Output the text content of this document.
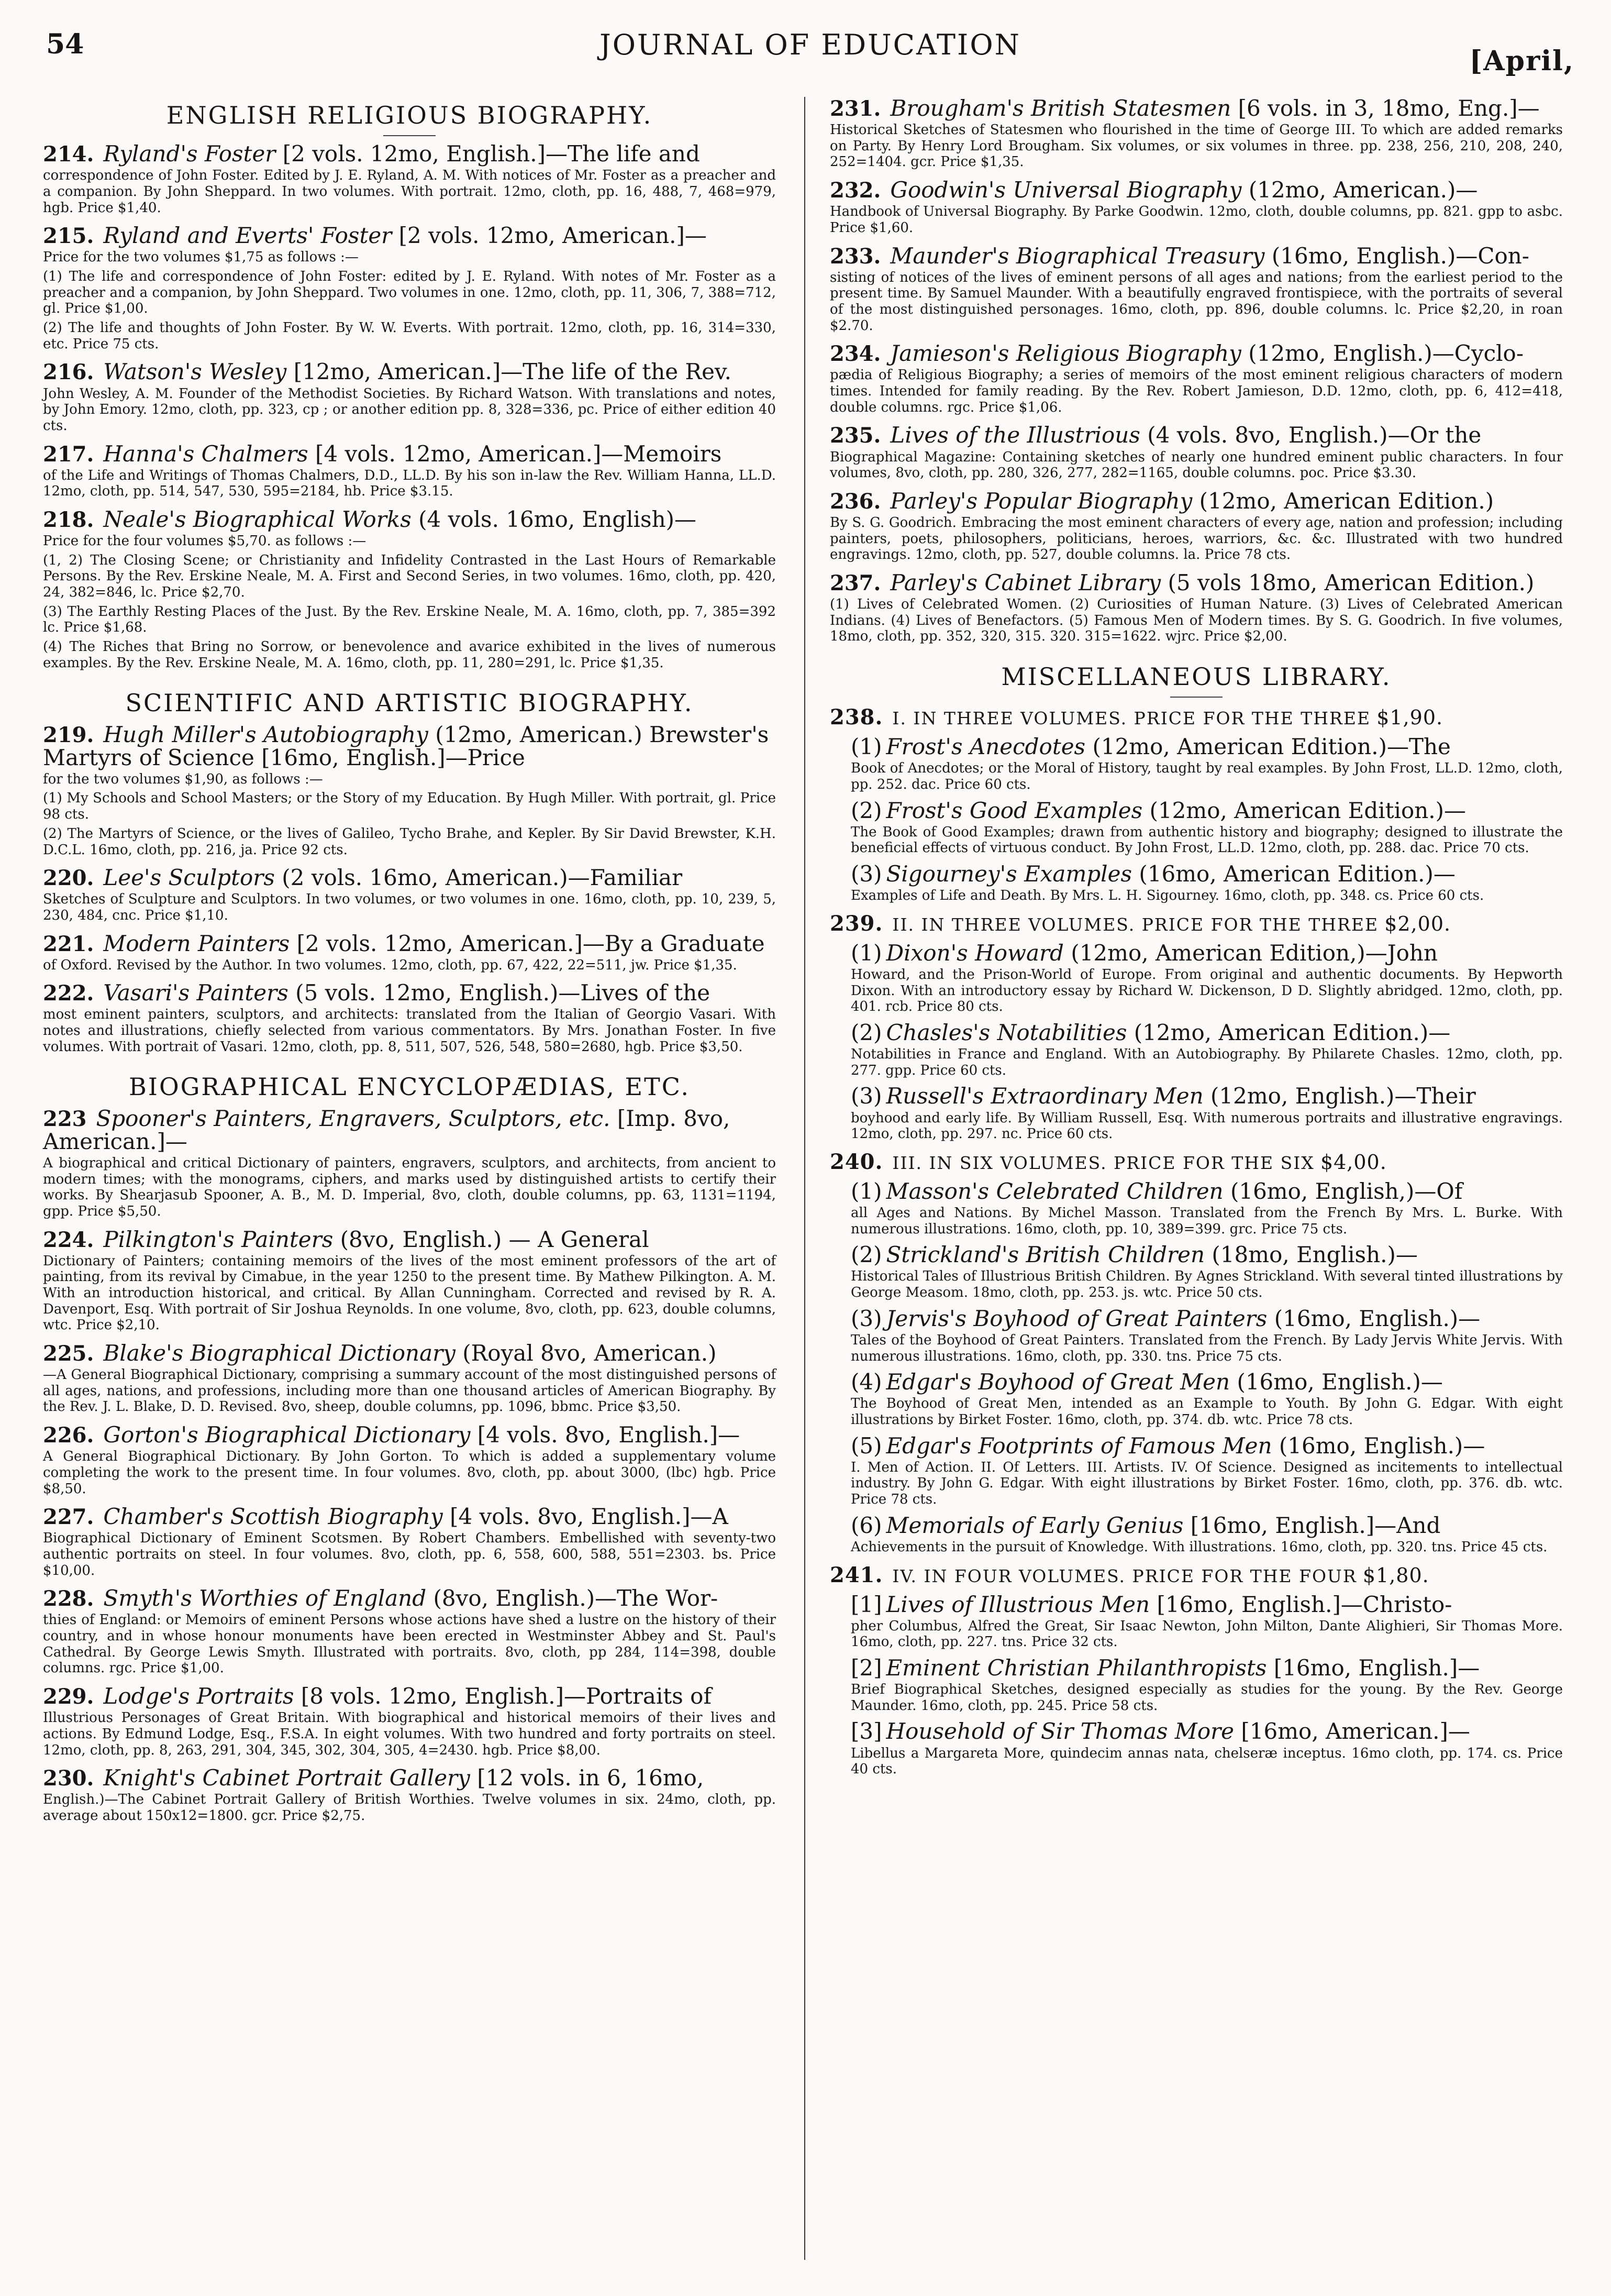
54	JOURNAL OF EDUCATION	[April,
ENGLISH RELIGIOUS BIOGRAPHY.
214. Ryland's Foster [2 vols. 12mo, English.]—The life and
correspondence of John Foster. Edited by J. E. Ryland, A. M. With notices of Mr. Foster as a preacher and a companion. By John Sheppard. In two volumes. With portrait. 12mo, cloth, pp. 16, 488, 7, 468=979, hgb. Price $1,40.
215. Ryland and Everts' Foster [2 vols. 12mo, American.]—
Price for the two volumes $1,75 as follows :—
(1) The life and correspondence of John Foster: edited by J. E. Ryland. With notes of Mr. Foster as a preacher and a companion, by John Sheppard. Two volumes in one. 12mo, cloth, pp. 11, 306, 7, 388=712, gl. Price $1,00.
(2) The life and thoughts of John Foster. By W. W. Everts. With portrait. 12mo, cloth, pp. 16, 314=330, etc. Price 75 cts.
216. Watson's Wesley [12mo, American.]—The life of the Rev.
John Wesley, A. M. Founder of the Methodist Societies. By Richard Watson. With translations and notes, by John Emory. 12mo, cloth, pp. 323, cp ; or another edition pp. 8, 328=336, pc. Price of either edition 40 cts.
217. Hanna's Chalmers [4 vols. 12mo, American.]—Memoirs
of the Life and Writings of Thomas Chalmers, D.D., LL.D. By his son in-law the Rev. William Hanna, LL.D. 12mo, cloth, pp. 514, 547, 530, 595=2184, hb. Price $3.15.
218. Neale's Biographical Works (4 vols. 16mo, English)—
Price for the four volumes $5,70. as follows :—
(1, 2) The Closing Scene; or Christianity and Infidelity Contrasted in the Last Hours of Remarkable Persons. By the Rev. Erskine Neale, M. A. First and Second Series, in two volumes. 16mo, cloth, pp. 420, 24, 382=846, lc. Price $2,70.
(3) The Earthly Resting Places of the Just. By the Rev. Erskine Neale, M. A. 16mo, cloth, pp. 7, 385=392 lc. Price $1,68.
(4) The Riches that Bring no Sorrow, or benevolence and avarice exhibited in the lives of numerous examples. By the Rev. Erskine Neale, M. A. 16mo, cloth, pp. 11, 280=291, lc. Price $1,35.
SCIENTIFIC AND ARTISTIC BIOGRAPHY.
219. Hugh Miller's Autobiography (12mo, American.) Brewster's Martyrs of Science [16mo, English.]—Price
for the two volumes $1,90, as follows :—
(1) My Schools and School Masters; or the Story of my Education. By Hugh Miller. With portrait, gl. Price 98 cts.
(2) The Martyrs of Science, or the lives of Galileo, Tycho Brahe, and Kepler. By Sir David Brewster, K.H. D.C.L. 16mo, cloth, pp. 216, ja. Price 92 cts.
220. Lee's Sculptors (2 vols. 16mo, American.)—Familiar
Sketches of Sculpture and Sculptors. In two volumes, or two volumes in one. 16mo, cloth, pp. 10, 239, 5, 230, 484, cnc. Price $1,10.
221. Modern Painters [2 vols. 12mo, American.]—By a Graduate
of Oxford. Revised by the Author. In two volumes. 12mo, cloth, pp. 67, 422, 22=511, jw. Price $1,35.
222. Vasari's Painters (5 vols. 12mo, English.)—Lives of the
most eminent painters, sculptors, and architects: translated from the Italian of Georgio Vasari. With notes and illustrations, chiefly selected from various commentators. By Mrs. Jonathan Foster. In five volumes. With portrait of Vasari. 12mo, cloth, pp. 8, 511, 507, 526, 548, 580=2680, hgb. Price $3,50.
BIOGRAPHICAL ENCYCLOPÆDIAS, ETC.
223 Spooner's Painters, Engravers, Sculptors, etc. [Imp. 8vo, American.]—
A biographical and critical Dictionary of painters, engravers, sculptors, and architects, from ancient to modern times; with the monograms, ciphers, and marks used by distinguished artists to certify their works. By Shearjasub Spooner, A. B., M. D. Imperial, 8vo, cloth, double columns, pp. 63, 1131=1194, gpp. Price $5,50.
224. Pilkington's Painters (8vo, English.) — A General
Dictionary of Painters; containing memoirs of the lives of the most eminent professors of the art of painting, from its revival by Cimabue, in the year 1250 to the present time. By Mathew Pilkington. A. M. With an introduction historical, and critical. By Allan Cunningham. Corrected and revised by R. A. Davenport, Esq. With portrait of Sir Joshua Reynolds. In one volume, 8vo, cloth, pp. 623, double columns, wtc. Price $2,10.
225. Blake's Biographical Dictionary (Royal 8vo, American.)
—A General Biographical Dictionary, comprising a summary account of the most distinguished persons of all ages, nations, and professions, including more than one thousand articles of American Biography. By the Rev. J. L. Blake, D. D. Revised. 8vo, sheep, double columns, pp. 1096, bbmc. Price $3,50.
226. Gorton's Biographical Dictionary [4 vols. 8vo, English.]—
A General Biographical Dictionary. By John Gorton. To which is added a supplementary volume completing the work to the present time. In four volumes. 8vo, cloth, pp. about 3000, (lbc) hgb. Price $8,50.
227. Chamber's Scottish Biography [4 vols. 8vo, English.]—A
Biographical Dictionary of Eminent Scotsmen. By Robert Chambers. Embellished with seventy-two authentic portraits on steel. In four volumes. 8vo, cloth, pp. 6, 558, 600, 588, 551=2303. bs. Price $10,00.
228. Smyth's Worthies of England (8vo, English.)—The Wor-
thies of England: or Memoirs of eminent Persons whose actions have shed a lustre on the history of their country, and in whose honour monuments have been erected in Westminster Abbey and St. Paul's Cathedral. By George Lewis Smyth. Illustrated with portraits. 8vo, cloth, pp 284, 114=398, double columns. rgc. Price $1,00.
229. Lodge's Portraits [8 vols. 12mo, English.]—Portraits of
Illustrious Personages of Great Britain. With biographical and historical memoirs of their lives and actions. By Edmund Lodge, Esq., F.S.A. In eight volumes. With two hundred and forty portraits on steel. 12mo, cloth, pp. 8, 263, 291, 304, 345, 302, 304, 305, 4=2430. hgb. Price $8,00.
230. Knight's Cabinet Portrait Gallery [12 vols. in 6, 16mo,
English.)—The Cabinet Portrait Gallery of British Worthies. Twelve volumes in six. 24mo, cloth, pp. average about 150x12=1800. gcr. Price $2,75.
231. Brougham's British Statesmen [6 vols. in 3, 18mo, Eng.]—
Historical Sketches of Statesmen who flourished in the time of George III. To which are added remarks on Party. By Henry Lord Brougham. Six volumes, or six volumes in three. pp. 238, 256, 210, 208, 240, 252=1404. gcr. Price $1,35.
232. Goodwin's Universal Biography (12mo, American.)—
Handbook of Universal Biography. By Parke Goodwin. 12mo, cloth, double columns, pp. 821. gpp to asbc. Price $1,60.
233. Maunder's Biographical Treasury (16mo, English.)—Con-
sisting of notices of the lives of eminent persons of all ages and nations; from the earliest period to the present time. By Samuel Maunder. With a beautifully engraved frontispiece, with the portraits of several of the most distinguished personages. 16mo, cloth, pp. 896, double columns. lc. Price $2,20, in roan $2.70.
234. Jamieson's Religious Biography (12mo, English.)—Cyclo-
pædia of Religious Biography; a series of memoirs of the most eminent religious characters of modern times. Intended for family reading. By the Rev. Robert Jamieson, D.D. 12mo, cloth, pp. 6, 412=418, double columns. rgc. Price $1,06.
235. Lives of the Illustrious (4 vols. 8vo, English.)—Or the
Biographical Magazine: Containing sketches of nearly one hundred eminent public characters. In four volumes, 8vo, cloth, pp. 280, 326, 277, 282=1165, double columns. poc. Price $3.30.
236. Parley's Popular Biography (12mo, American Edition.)
By S. G. Goodrich. Embracing the most eminent characters of every age, nation and profession; including painters, poets, philosophers, politicians, heroes, warriors, &c. &c. Illustrated with two hundred engravings. 12mo, cloth, pp. 527, double columns. la. Price 78 cts.
237. Parley's Cabinet Library (5 vols 18mo, American Edition.)
(1) Lives of Celebrated Women. (2) Curiosities of Human Nature. (3) Lives of Celebrated American Indians. (4) Lives of Benefactors. (5) Famous Men of Modern times. By S. G. Goodrich. In five volumes, 18mo, cloth, pp. 352, 320, 315. 320. 315=1622. wjrc. Price $2,00.
MISCELLANEOUS LIBRARY.
238. I. IN THREE VOLUMES. PRICE FOR THE THREE $1,90.
(1) Frost's Anecdotes (12mo, American Edition.)—The
Book of Anecdotes; or the Moral of History, taught by real examples. By John Frost, LL.D. 12mo, cloth, pp. 252. dac. Price 60 cts.
(2) Frost's Good Examples (12mo, American Edition.)—
The Book of Good Examples; drawn from authentic history and biography; designed to illustrate the beneficial effects of virtuous conduct. By John Frost, LL.D. 12mo, cloth, pp. 288. dac. Price 70 cts.
(3) Sigourney's Examples (16mo, American Edition.)—
Examples of Life and Death. By Mrs. L. H. Sigourney. 16mo, cloth, pp. 348. cs. Price 60 cts.
239. II. IN THREE VOLUMES. PRICE FOR THE THREE $2,00.
(1) Dixon's Howard (12mo, American Edition,)—John
Howard, and the Prison-World of Europe. From original and authentic documents. By Hepworth Dixon. With an introductory essay by Richard W. Dickenson, D D. Slightly abridged. 12mo, cloth, pp. 401. rcb. Price 80 cts.
(2) Chasles's Notabilities (12mo, American Edition.)—
Notabilities in France and England. With an Autobiography. By Philarete Chasles. 12mo, cloth, pp. 277. gpp. Price 60 cts.
(3) Russell's Extraordinary Men (12mo, English.)—Their
boyhood and early life. By William Russell, Esq. With numerous portraits and illustrative engravings. 12mo, cloth, pp. 297. nc. Price 60 cts.
240. III. IN SIX VOLUMES. PRICE FOR THE SIX $4,00.
(1) Masson's Celebrated Children (16mo, English,)—Of
all Ages and Nations. By Michel Masson. Translated from the French By Mrs. L. Burke. With numerous illustrations. 16mo, cloth, pp. 10, 389=399. grc. Price 75 cts.
(2) Strickland's British Children (18mo, English.)—
Historical Tales of Illustrious British Children. By Agnes Strickland. With several tinted illustrations by George Measom. 18mo, cloth, pp. 253. js. wtc. Price 50 cts.
(3) Jervis's Boyhood of Great Painters (16mo, English.)—
Tales of the Boyhood of Great Painters. Translated from the French. By Lady Jervis White Jervis. With numerous illustrations. 16mo, cloth, pp. 330. tns. Price 75 cts.
(4) Edgar's Boyhood of Great Men (16mo, English.)—
The Boyhood of Great Men, intended as an Example to Youth. By John G. Edgar. With eight illustrations by Birket Foster. 16mo, cloth, pp. 374. db. wtc. Price 78 cts.
(5) Edgar's Footprints of Famous Men (16mo, English.)—
I. Men of Action. II. Of Letters. III. Artists. IV. Of Science. Designed as incitements to intellectual industry. By John G. Edgar. With eight illustrations by Birket Foster. 16mo, cloth, pp. 376. db. wtc. Price 78 cts.
(6) Memorials of Early Genius [16mo, English.]—And
Achievements in the pursuit of Knowledge. With illustrations. 16mo, cloth, pp. 320. tns. Price 45 cts.
241. IV. IN FOUR VOLUMES. PRICE FOR THE FOUR $1,80.
[1] Lives of Illustrious Men [16mo, English.]—Christo-
pher Columbus, Alfred the Great, Sir Isaac Newton, John Milton, Dante Alighieri, Sir Thomas More. 16mo, cloth, pp. 227. tns. Price 32 cts.
[2] Eminent Christian Philanthropists [16mo, English.]—
Brief Biographical Sketches, designed especially as studies for the young. By the Rev. George Maunder. 16mo, cloth, pp. 245. Price 58 cts.
[3] Household of Sir Thomas More [16mo, American.]—
Libellus a Margareta More, quindecim annas nata, chelseræ inceptus. 16mo cloth, pp. 174. cs. Price 40 cts.
